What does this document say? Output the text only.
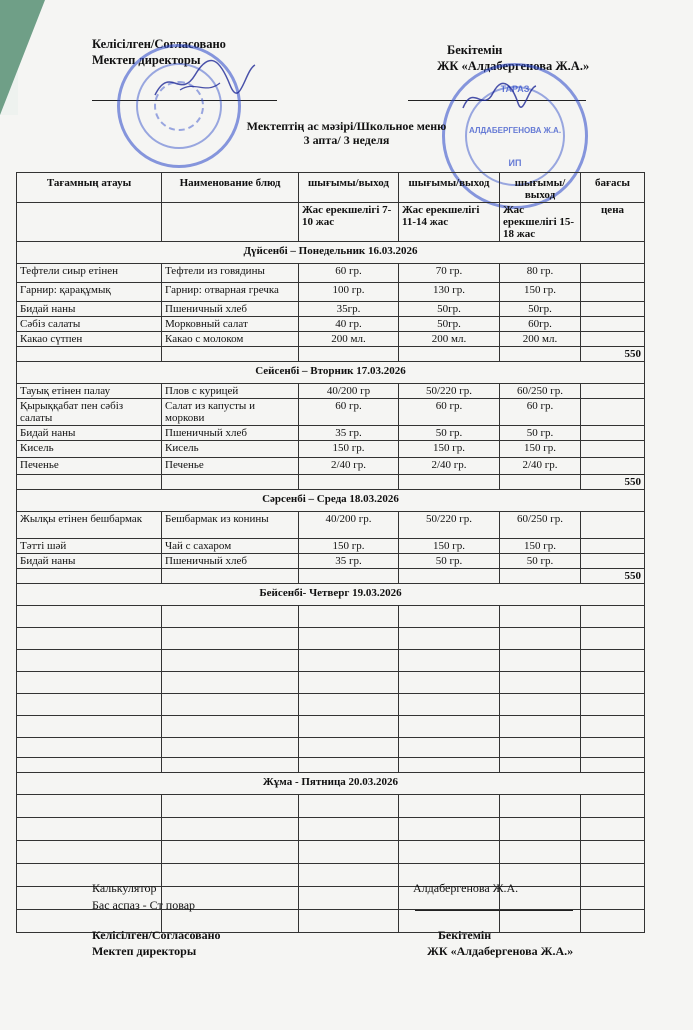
Келісілген/Согласовано
Мектеп директоры
Бекітемін
ЖК «Алдабергенова Ж.А.»
ТАРАЗ
АЛДАБЕРГЕНОВА Ж.А.
ИП
Мектептің ас мәзірі/Школьное меню
3 апта/ 3 неделя
Тағамның атауы	Наименование блюд	шығымы/выход	шығымы/выход	шығымы/выход	бағасы
		Жас ерекшелігі 7-10 жас	Жас ерекшелігі 11-14 жас	Жас ерекшелігі 15-18 жас	цена
Дүйсенбі – Понедельник 16.03.2026					
Тефтели сиыр етінен	Тефтели из говядины	60 гр.	70 гр.	80 гр.	
Гарнир: қарақұмық	Гарнир: отварная гречка	100 гр.	130 гр.	150 гр.	
Бидай наны	Пшеничный хлеб	35гр.	50гр.	50гр.	
Сәбіз салаты	Морковный салат	40 гр.	50гр.	60гр.	
Какао сүтпен	Какао с молоком	200 мл.	200 мл.	200 мл.	
					550
Сейсенбі – Вторник 17.03.2026					
Тауық етінен палау	Плов с курицей	40/200 гр	50/220 гр.	60/250 гр.	
Қырыққабат пен сәбіз салаты	Салат из капусты и моркови	60 гр.	60 гр.	60 гр.	
Бидай наны	Пшеничный хлеб	35 гр.	50 гр.	50 гр.	
Кисель	Кисель	150 гр.	150 гр.	150 гр.	
Печенье	Печенье	2/40 гр.	2/40 гр.	2/40 гр.	
					550
Сәрсенбі – Среда 18.03.2026					
Жылқы етінен бешбармак	Бешбармак из конины	40/200 гр.	50/220 гр.	60/250 гр.	
Тәтті шәй	Чай с сахаром	150 гр.	150 гр.	150 гр.	
Бидай наны	Пшеничный хлеб	35 гр.	50 гр.	50 гр.	
					550
Бейсенбі- Четверг 19.03.2026					

Жұма - Пятница 20.03.2026					

Калькулятор
Бас аспаз - Ст повар
Алдабергенова Ж.А.
Келісілген/Согласовано
Мектеп директоры
Бекітемін
ЖК «Алдабергенова Ж.А.»
